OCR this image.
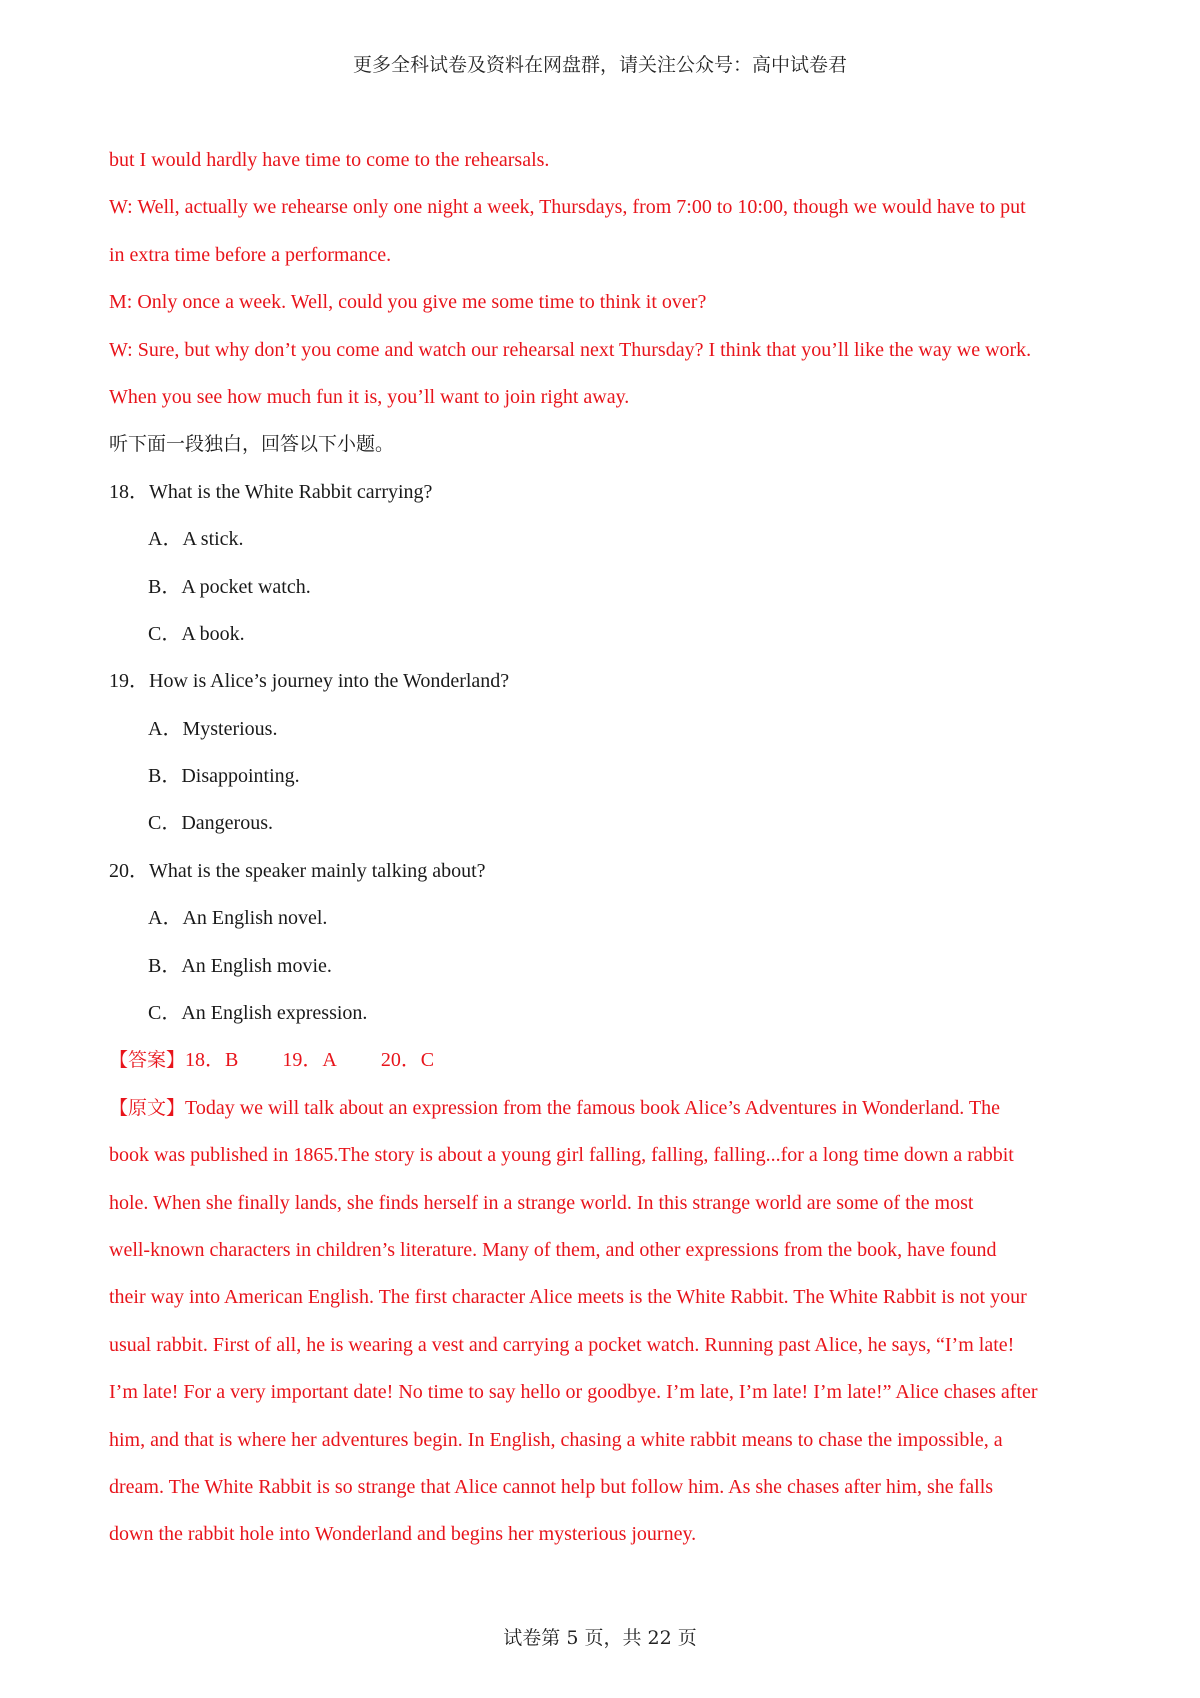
更多全科试卷及资料在网盘群，请关注公众号：高中试卷君
but I would hardly have time to come to the rehearsals.
W: Well, actually we rehearse only one night a week, Thursdays, from 7:00 to 10:00, though we would have to put
in extra time before a performance.
M: Only once a week. Well, could you give me some time to think it over?
W: Sure, but why don’t you come and watch our rehearsal next Thursday? I think that you’ll like the way we work.
When you see how much fun it is, you’ll want to join right away.
听下面一段独白，回答以下小题。
18．What is the White Rabbit carrying?
A．A stick.
B．A pocket watch.
C．A book.
19．How is Alice’s journey into the Wonderland?
A．Mysterious.
B．Disappointing.
C．Dangerous.
20．What is the speaker mainly talking about?
A．An English novel.
B．An English movie.
C．An English expression.
【答案】18．B 19．A 20．C
【原文】Today we will talk about an expression from the famous book Alice’s Adventures in Wonderland. The
book was published in 1865.The story is about a young girl falling, falling, falling...for a long time down a rabbit
hole. When she finally lands, she finds herself in a strange world. In this strange world are some of the most
well-known characters in children’s literature. Many of them, and other expressions from the book, have found
their way into American English. The first character Alice meets is the White Rabbit. The White Rabbit is not your
usual rabbit. First of all, he is wearing a vest and carrying a pocket watch. Running past Alice, he says, “I’m late!
I’m late! For a very important date! No time to say hello or goodbye. I’m late, I’m late! I’m late!” Alice chases after
him, and that is where her adventures begin. In English, chasing a white rabbit means to chase the impossible, a
dream. The White Rabbit is so strange that Alice cannot help but follow him. As she chases after him, she falls
down the rabbit hole into Wonderland and begins her mysterious journey.
试卷第 5 页，共 22 页
